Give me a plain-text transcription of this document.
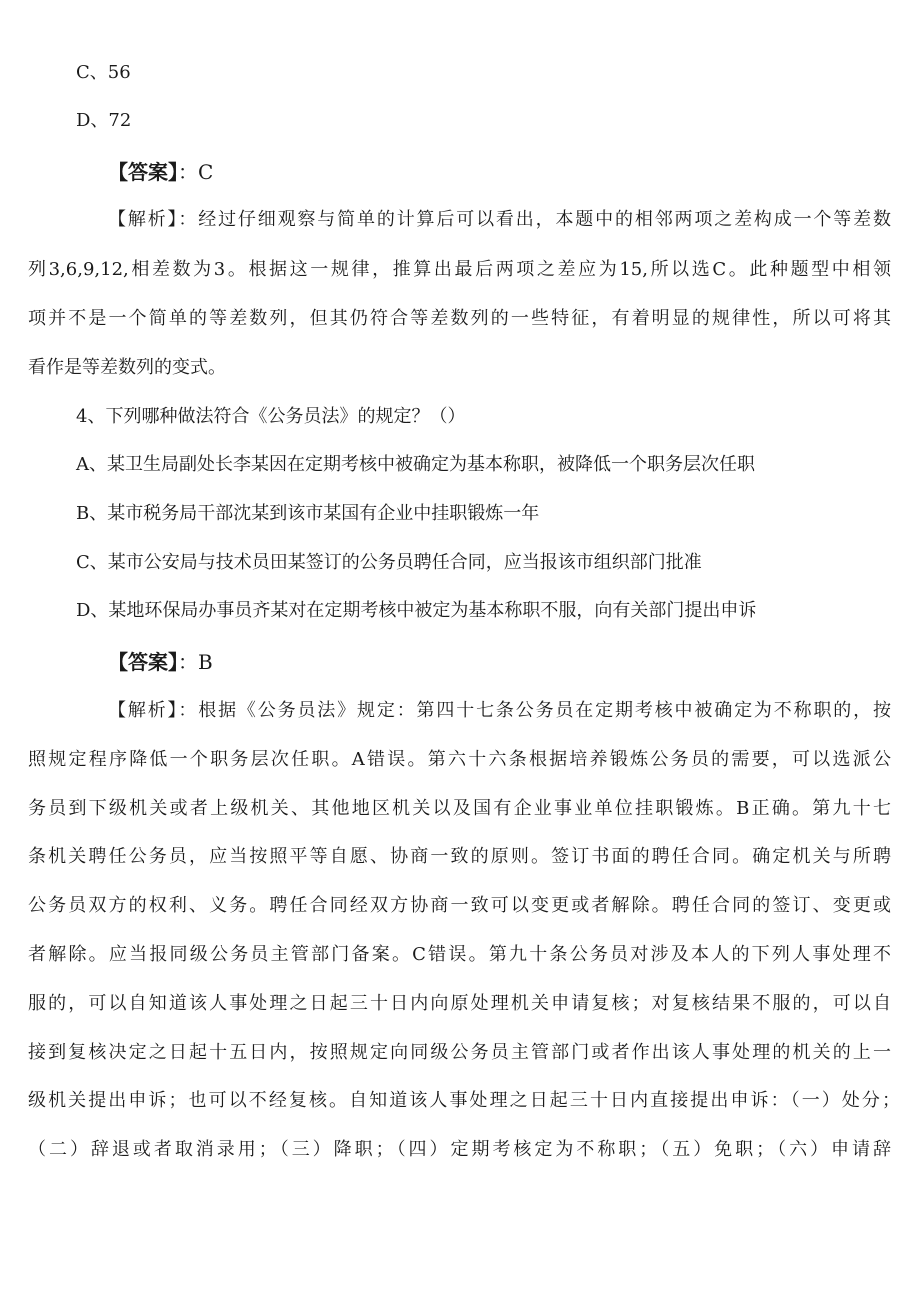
C、56
D、72
【答案】：C
【解析】：经过仔细观察与简单的计算后可以看出，本题中的相邻两项之差构成一个等差数
列3,6,9,12,相差数为3。根据这一规律，推算出最后两项之差应为15,所以选C。此种题型中相领
项并不是一个简单的等差数列，但其仍符合等差数列的一些特征，有着明显的规律性，所以可将其
看作是等差数列的变式。
4、下列哪种做法符合《公务员法》的规定？（）
A、某卫生局副处长李某因在定期考核中被确定为基本称职，被降低一个职务层次任职
B、某市税务局干部沈某到该市某国有企业中挂职锻炼一年
C、某市公安局与技术员田某签订的公务员聘任合同，应当报该市组织部门批准
D、某地环保局办事员齐某对在定期考核中被定为基本称职不服，向有关部门提出申诉
【答案】：B
【解析】：根据《公务员法》规定：第四十七条公务员在定期考核中被确定为不称职的，按
照规定程序降低一个职务层次任职。A错误。第六十六条根据培养锻炼公务员的需要，可以选派公
务员到下级机关或者上级机关、其他地区机关以及国有企业事业单位挂职锻炼。B正确。第九十七
条机关聘任公务员，应当按照平等自愿、协商一致的原则。签订书面的聘任合同。确定机关与所聘
公务员双方的权利、义务。聘任合同经双方协商一致可以变更或者解除。聘任合同的签订、变更或
者解除。应当报同级公务员主管部门备案。C错误。第九十条公务员对涉及本人的下列人事处理不
服的，可以自知道该人事处理之日起三十日内向原处理机关申请复核；对复核结果不服的，可以自
接到复核决定之日起十五日内，按照规定向同级公务员主管部门或者作出该人事处理的机关的上一
级机关提出申诉；也可以不经复核。自知道该人事处理之日起三十日内直接提出申诉：（一）处分；
（二）辞退或者取消录用；（三）降职；（四）定期考核定为不称职；（五）免职；（六）申请辞
